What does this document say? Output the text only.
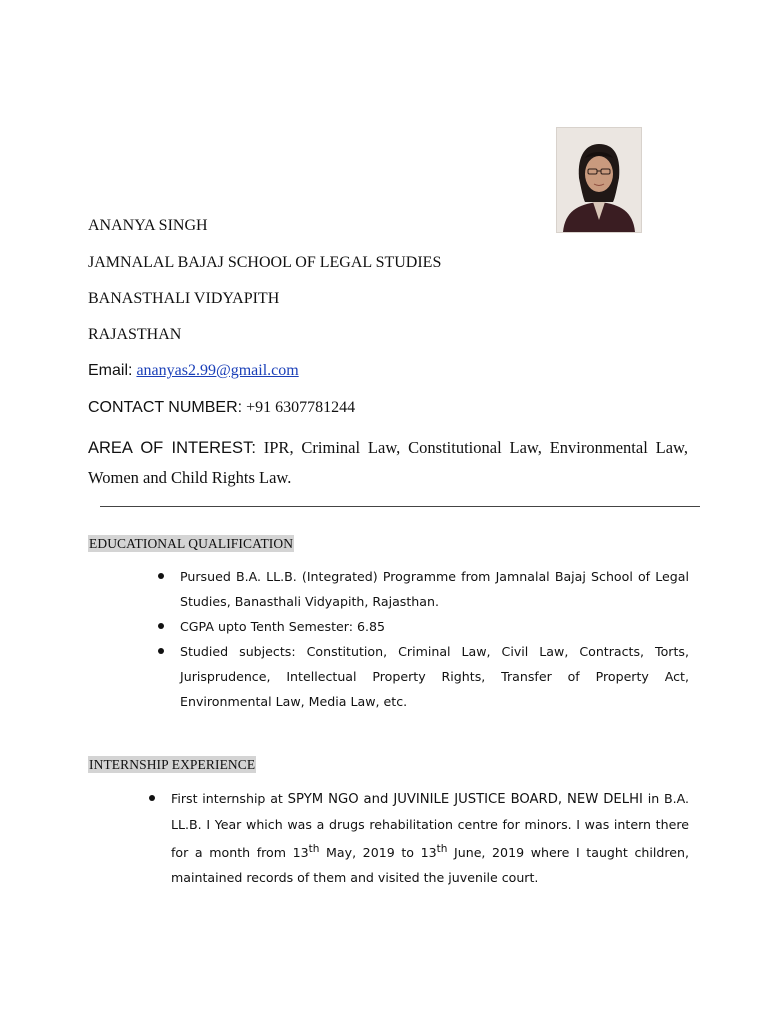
ANANYA SINGH
JAMNALAL BAJAJ SCHOOL OF LEGAL STUDIES
BANASTHALI VIDYAPITH
RAJASTHAN
Email: ananyas2.99@gmail.com
CONTACT NUMBER: +91 6307781244
AREA OF INTEREST: IPR, Criminal Law, Constitutional Law, Environmental Law, Women and Child Rights Law.
EDUCATIONAL QUALIFICATION
Pursued B.A. LL.B. (Integrated) Programme from Jamnalal Bajaj School of Legal Studies, Banasthali Vidyapith, Rajasthan.
CGPA upto Tenth Semester: 6.85
Studied subjects: Constitution, Criminal Law, Civil Law, Contracts, Torts, Jurisprudence, Intellectual Property Rights, Transfer of Property Act, Environmental Law, Media Law, etc.
INTERNSHIP EXPERIENCE
First internship at SPYM NGO and JUVINILE JUSTICE BOARD, NEW DELHI in B.A. LL.B. I Year which was a drugs rehabilitation centre for minors. I was intern there for a month from 13th May, 2019 to 13th June, 2019 where I taught children, maintained records of them and visited the juvenile court.
